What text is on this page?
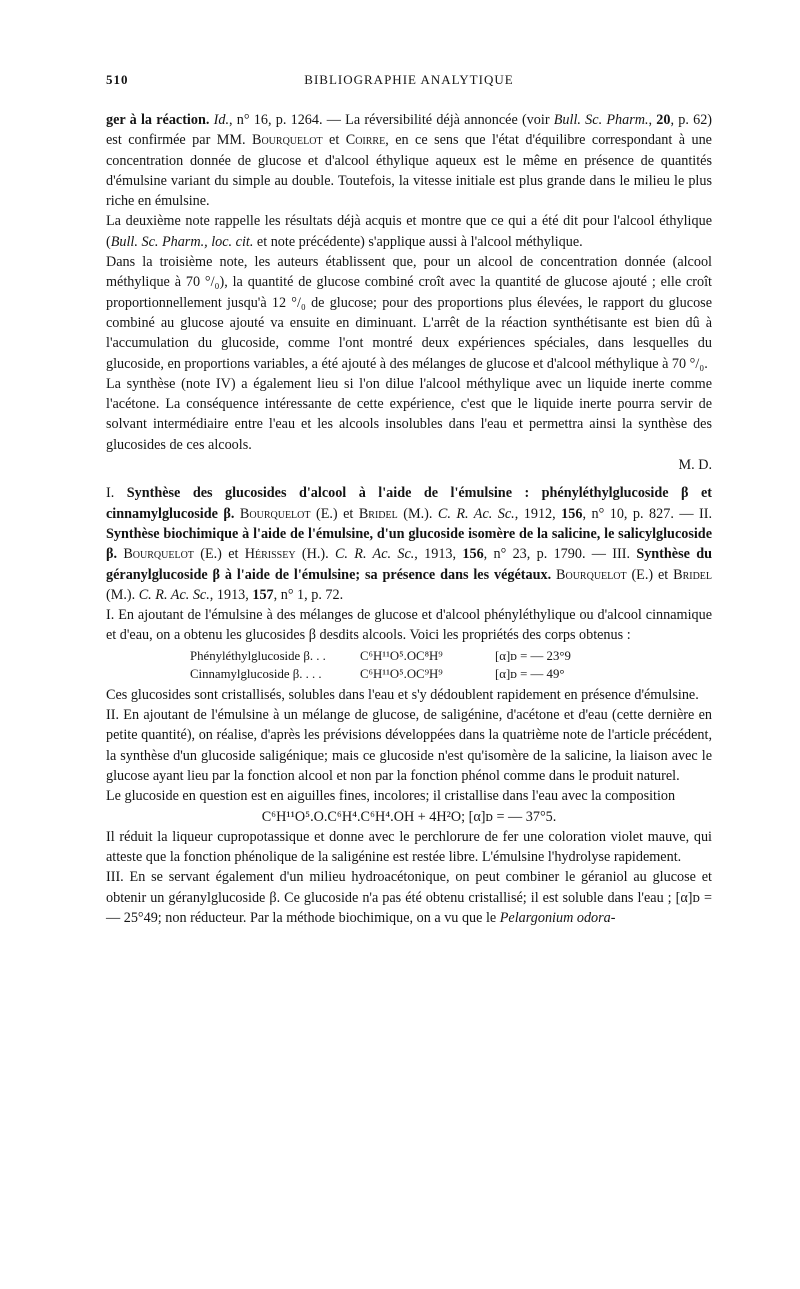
510	BIBLIOGRAPHIE ANALYTIQUE

ger à la réaction. Id., n° 16, p. 1264. — La réversibilité déjà annoncée (voir Bull. Sc. Pharm., 20, p. 62) est confirmée par MM. Bourquelot et Coirre, en ce sens que l'état d'équilibre correspondant à une concentration donnée de glucose et d'alcool éthylique aqueux est le même en présence de quantités d'émulsine variant du simple au double. Toutefois, la vitesse initiale est plus grande dans le milieu le plus riche en émulsine.

La deuxième note rappelle les résultats déjà acquis et montre que ce qui a été dit pour l'alcool éthylique (Bull. Sc. Pharm., loc. cit. et note précédente) s'applique aussi à l'alcool méthylique.

Dans la troisième note, les auteurs établissent que, pour un alcool de concentration donnée (alcool méthylique à 70 °/₀), la quantité de glucose combiné croît avec la quantité de glucose ajouté ; elle croît proportionnellement jusqu'à 12 °/₀ de glucose; pour des proportions plus élevées, le rapport du glucose combiné au glucose ajouté va ensuite en diminuant. L'arrêt de la réaction synthétisante est bien dû à l'accumulation du glucoside, comme l'ont montré deux expériences spéciales, dans lesquelles du glucoside, en proportions variables, a été ajouté à des mélanges de glucose et d'alcool méthylique à 70 °/₀.

La synthèse (note IV) a également lieu si l'on dilue l'alcool méthylique avec un liquide inerte comme l'acétone. La conséquence intéressante de cette expérience, c'est que le liquide inerte pourra servir de solvant intermédiaire entre l'eau et les alcools insolubles dans l'eau et permettra ainsi la synthèse des glucosides de ces alcools.

M. D.

I. Synthèse des glucosides d'alcool à l'aide de l'émulsine : phényléthylglucoside β et cinnamylglucoside β. Bourquelot (E.) et Bridel (M.). C. R. Ac. Sc., 1912, 156, n° 10, p. 827. — II. Synthèse biochimique à l'aide de l'émulsine, d'un glucoside isomère de la salicine, le salicylglucoside β. Bourquelot (E.) et Hérissey (H.). C. R. Ac. Sc., 1913, 156, n° 23, p. 1790. — III. Synthèse du géranylglucoside β à l'aide de l'émulsine; sa présence dans les végétaux. Bourquelot (E.) et Bridel (M.). C. R. Ac. Sc., 1913, 157, n° 1, p. 72.

I. En ajoutant de l'émulsine à des mélanges de glucose et d'alcool phényléthylique ou d'alcool cinnamique et d'eau, on a obtenu les glucosides β desdits alcools. Voici les propriétés des corps obtenus :

Phényléthylglucoside β. . .	C⁶H¹¹O⁵.OC⁸H⁹	[α]ᴅ = — 23°9
Cinnamylglucoside β. . . .	C⁶H¹¹O⁵.OC⁹H⁹	[α]ᴅ = — 49°

Ces glucosides sont cristallisés, solubles dans l'eau et s'y dédoublent rapidement en présence d'émulsine.

II. En ajoutant de l'émulsine à un mélange de glucose, de saligénine, d'acétone et d'eau (cette dernière en petite quantité), on réalise, d'après les prévisions développées dans la quatrième note de l'article précédent, la synthèse d'un glucoside saligénique; mais ce glucoside n'est qu'isomère de la salicine, la liaison avec le glucose ayant lieu par la fonction alcool et non par la fonction phénol comme dans le produit naturel.

Le glucoside en question est en aiguilles fines, incolores; il cristallise dans l'eau avec la composition

C⁶H¹¹O⁵.O.C⁶H⁴.C⁶H⁴.OH + 4H²O; [α]ᴅ = — 37°5.

Il réduit la liqueur cupropotassique et donne avec le perchlorure de fer une coloration violet mauve, qui atteste que la fonction phénolique de la saligénine est restée libre. L'émulsine l'hydrolyse rapidement.

III. En se servant également d'un milieu hydroacétonique, on peut combiner le géraniol au glucose et obtenir un géranylglucoside β. Ce glucoside n'a pas été obtenu cristallisé; il est soluble dans l'eau ; [α]ᴅ = — 25°49; non réducteur. Par la méthode biochimique, on a vu que le Pelargonium odora-
